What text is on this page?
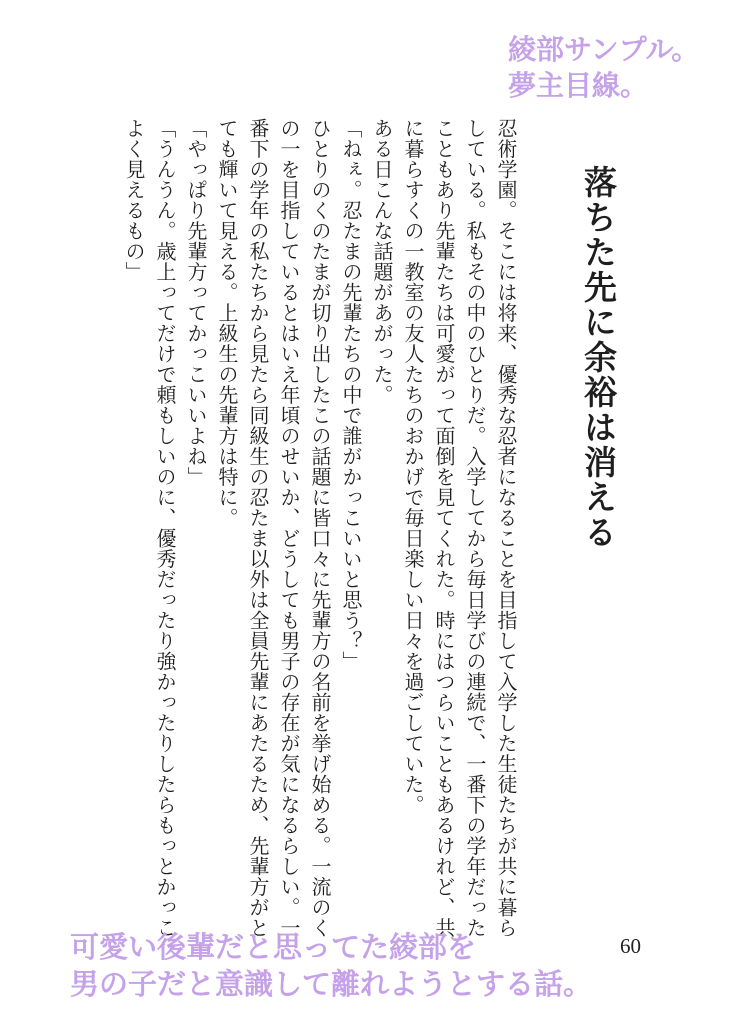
綾部サンプル。
夢主目線。
落ちた先に余裕は消える

忍術学園。そこには将来、優秀な忍者になることを目指して入学した生徒たちが共に暮らしている。私もその中のひとりだ。入学してから毎日学びの連続で、一番下の学年だったこともあり先輩たちは可愛がって面倒を見てくれた。時にはつらいこともあるけれど、共に暮らすくの一教室の友人たちのおかげで毎日楽しい日々を過ごしていた。

ある日こんな話題があがった。

「ねぇ。忍たまの先輩たちの中で誰がかっこいいと思う？」

ひとりのくのたまが切り出したこの話題に皆口々に先輩方の名前を挙げ始める。一流のくの一を目指しているとはいえ年頃のせいか、どうしても男子の存在が気になるらしい。一番下の学年の私たちから見たら同級生の忍たま以外は全員先輩にあたるため、先輩方がとても輝いて見える。上級生の先輩方は特に。

「やっぱり先輩方ってかっこいいよね」

「うんうん。歳上ってだけで頼もしいのに、優秀だったり強かったりしたらもっとかっこよく見えるもの」

可愛い後輩だと思ってた綾部を
男の子だと意識して離れようとする話。
60
